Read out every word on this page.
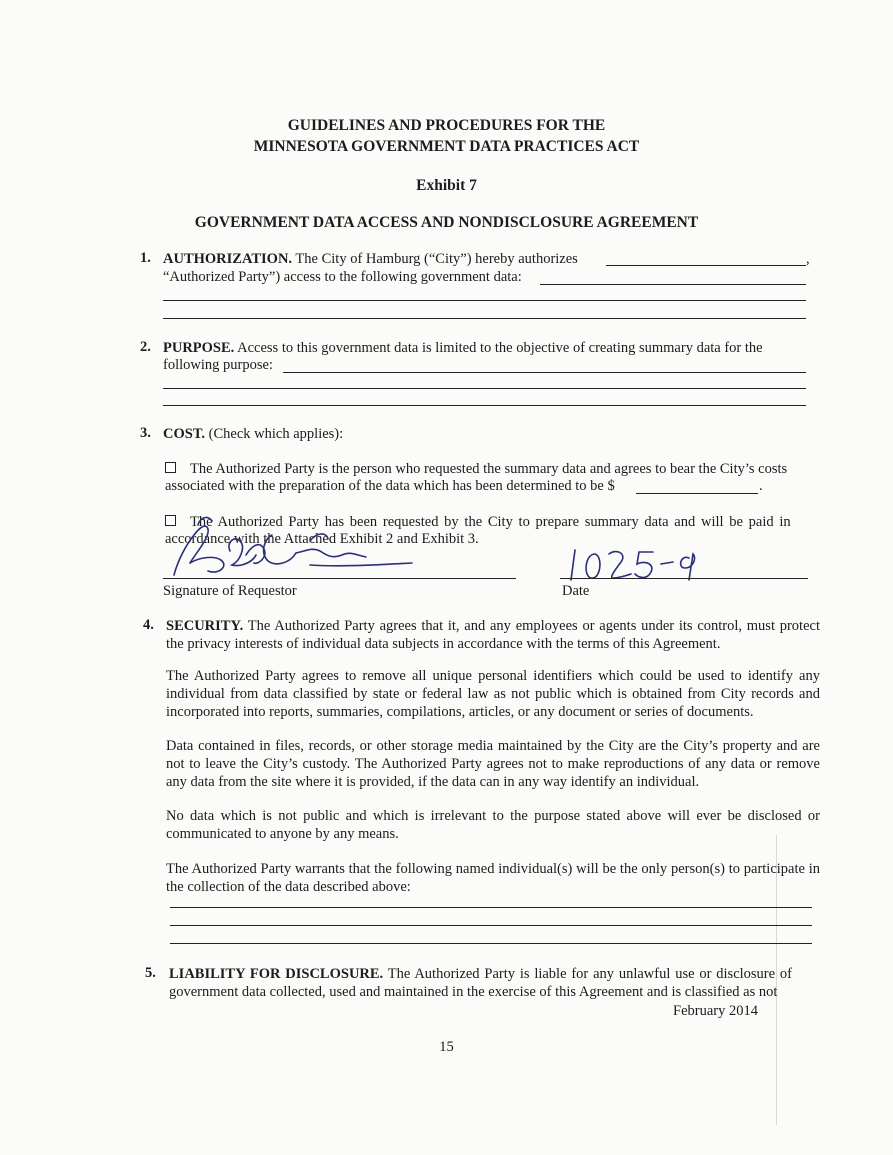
GUIDELINES AND PROCEDURES FOR THE
MINNESOTA GOVERNMENT DATA PRACTICES ACT
Exhibit 7
GOVERNMENT DATA ACCESS AND NONDISCLOSURE AGREEMENT
1. AUTHORIZATION. The City of Hamburg (“City”) hereby authorizes	,
“Authorized Party”) access to the following government data:
2. PURPOSE. Access to this government data is limited to the objective of creating summary data for the
following purpose:
3. COST. (Check which applies):
The Authorized Party is the person who requested the summary data and agrees to bear the City’s costs
associated with the preparation of the data which has been determined to be $	.
The Authorized Party has been requested by the City to prepare summary data and will be paid in
accordance with the Attached Exhibit 2 and Exhibit 3.
Signature of Requestor	Date
4. SECURITY. The Authorized Party agrees that it, and any employees or agents under its control, must protect the privacy interests of individual data subjects in accordance with the terms of this Agreement.
The Authorized Party agrees to remove all unique personal identifiers which could be used to identify any individual from data classified by state or federal law as not public which is obtained from City records and incorporated into reports, summaries, compilations, articles, or any document or series of documents.
Data contained in files, records, or other storage media maintained by the City are the City’s property and are not to leave the City’s custody. The Authorized Party agrees not to make reproductions of any data or remove any data from the site where it is provided, if the data can in any way identify an individual.
No data which is not public and which is irrelevant to the purpose stated above will ever be disclosed or communicated to anyone by any means.
The Authorized Party warrants that the following named individual(s) will be the only person(s) to participate in the collection of the data described above:
5. LIABILITY FOR DISCLOSURE. The Authorized Party is liable for any unlawful use or disclosure of
government data collected, used and maintained in the exercise of this Agreement and is classified as not
February 2014
15
